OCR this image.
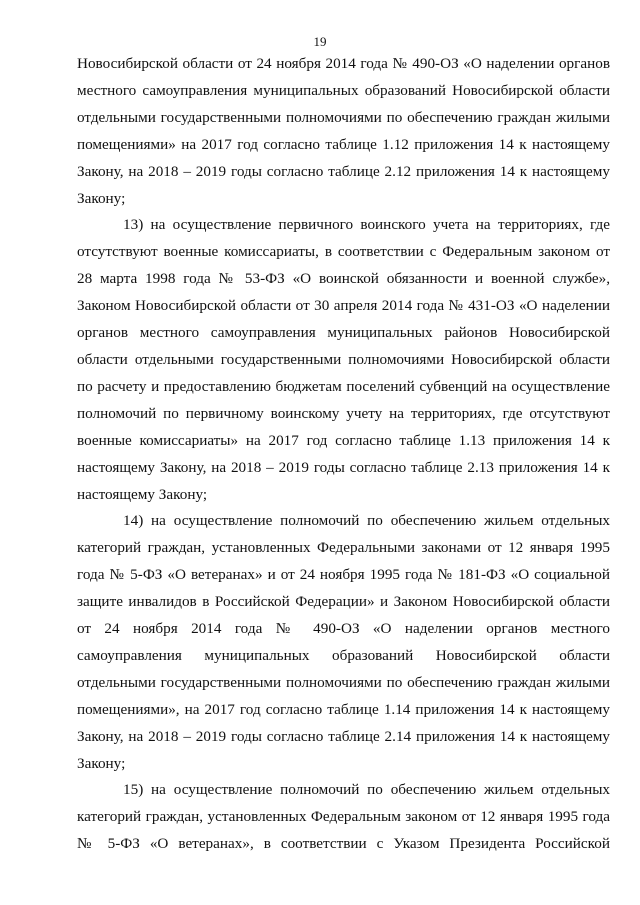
19

Новосибирской области от 24 ноября 2014 года № 490-ОЗ «О наделении органов местного самоуправления муниципальных образований Новосибирской области отдельными государственными полномочиями по обеспечению граждан жилыми помещениями» на 2017 год согласно таблице 1.12 приложения 14 к настоящему Закону, на 2018 – 2019 годы согласно таблице 2.12 приложения 14 к настоящему Закону;

13) на осуществление первичного воинского учета на территориях, где отсутствуют военные комиссариаты, в соответствии с Федеральным законом от 28 марта 1998 года № 53-ФЗ «О воинской обязанности и военной службе», Законом Новосибирской области от 30 апреля 2014 года № 431-ОЗ «О наделении органов местного самоуправления муниципальных районов Новосибирской области отдельными государственными полномочиями Новосибирской области по расчету и предоставлению бюджетам поселений субвенций на осуществление полномочий по первичному воинскому учету на территориях, где отсутствуют военные комиссариаты» на 2017 год согласно таблице 1.13 приложения 14 к настоящему Закону, на 2018 – 2019 годы согласно таблице 2.13 приложения 14 к настоящему Закону;

14) на осуществление полномочий по обеспечению жильем отдельных категорий граждан, установленных Федеральными законами от 12 января 1995 года № 5-ФЗ «О ветеранах» и от 24 ноября 1995 года № 181-ФЗ «О социальной защите инвалидов в Российской Федерации» и Законом Новосибирской области от 24 ноября 2014 года № 490-ОЗ «О наделении органов местного самоуправления муниципальных образований Новосибирской области отдельными государственными полномочиями по обеспечению граждан жилыми помещениями», на 2017 год согласно таблице 1.14 приложения 14 к настоящему Закону, на 2018 – 2019 годы согласно таблице 2.14 приложения 14 к настоящему Закону;

15) на осуществление полномочий по обеспечению жильем отдельных категорий граждан, установленных Федеральным законом от 12 января 1995 года № 5-ФЗ «О ветеранах», в соответствии с Указом Президента Российской
